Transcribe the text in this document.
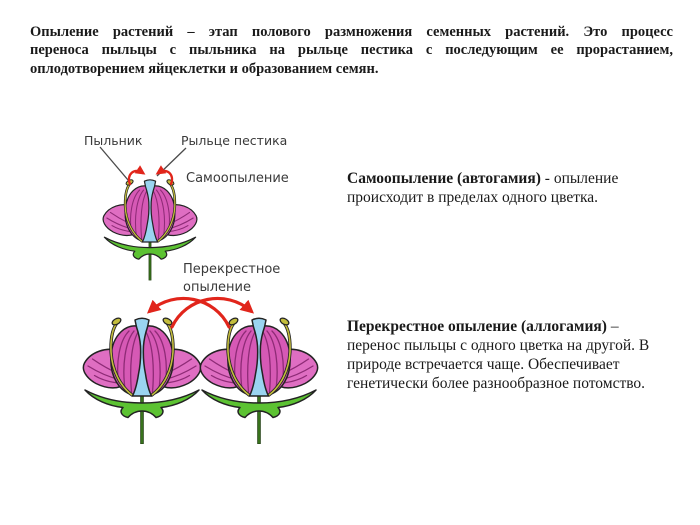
Опыление растений – этап полового размножения семенных растений. Это процесс
переноса пыльцы с пыльника на рыльце пестика с последующим ее прорастанием,
оплодотворением яйцеклетки и образованием семян.
Пыльник	Рыльце пестика
Самоопыление
Перекрестное
опыление
Самоопыление (автогамия) - опыление происходит в пределах одного цветка.
Перекрестное опыление (аллогамия) – перенос пыльцы с одного цветка на другой. В природе встречается чаще. Обеспечивает генетически более разнообразное потомство.
